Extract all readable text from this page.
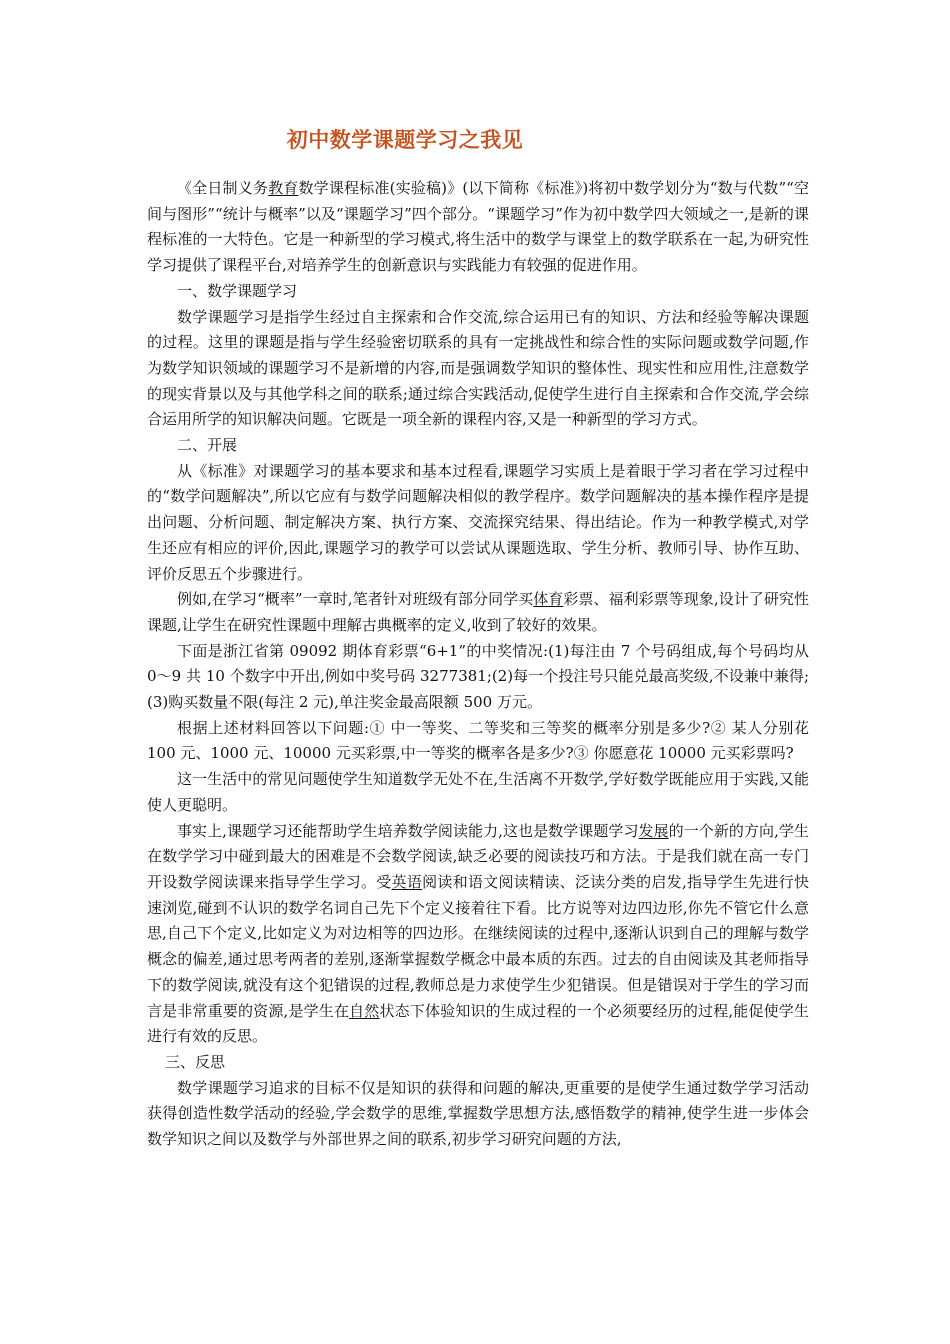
初中数学课题学习之我见

《全日制义务教育数学课程标准(实验稿)》(以下简称《标准》)将初中数学划分为“数与代数”“空间与图形”“统计与概率”以及“课题学习”四个部分。“课题学习”作为初中数学四大领域之一,是新的课程标准的一大特色。它是一种新型的学习模式,将生活中的数学与课堂上的数学联系在一起,为研究性学习提供了课程平台,对培养学生的创新意识与实践能力有较强的促进作用。

一、数学课题学习

数学课题学习是指学生经过自主探索和合作交流,综合运用已有的知识、方法和经验等解决课题的过程。这里的课题是指与学生经验密切联系的具有一定挑战性和综合性的实际问题或数学问题,作为数学知识领域的课题学习不是新增的内容,而是强调数学知识的整体性、现实性和应用性,注意数学的现实背景以及与其他学科之间的联系;通过综合实践活动,促使学生进行自主探索和合作交流,学会综合运用所学的知识解决问题。它既是一项全新的课程内容,又是一种新型的学习方式。

二、开展

从《标准》对课题学习的基本要求和基本过程看,课题学习实质上是着眼于学习者在学习过程中的“数学问题解决”,所以它应有与数学问题解决相似的教学程序。数学问题解决的基本操作程序是提出问题、分析问题、制定解决方案、执行方案、交流探究结果、得出结论。作为一种教学模式,对学生还应有相应的评价,因此,课题学习的教学可以尝试从课题选取、学生分析、教师引导、协作互助、评价反思五个步骤进行。

例如,在学习“概率”一章时,笔者针对班级有部分同学买体育彩票、福利彩票等现象,设计了研究性课题,让学生在研究性课题中理解古典概率的定义,收到了较好的效果。

下面是浙江省第 09092 期体育彩票“6+1”的中奖情况:(1)每注由 7 个号码组成,每个号码均从 0～9 共 10 个数字中开出,例如中奖号码 3277381;(2)每一个投注号只能兑最高奖级,不设兼中兼得;(3)购买数量不限(每注 2 元),单注奖金最高限额 500 万元。

根据上述材料回答以下问题:① 中一等奖、二等奖和三等奖的概率分别是多少?② 某人分别花 100 元、1000 元、10000 元买彩票,中一等奖的概率各是多少?③ 你愿意花 10000 元买彩票吗?

这一生活中的常见问题使学生知道数学无处不在,生活离不开数学,学好数学既能应用于实践,又能使人更聪明。

事实上,课题学习还能帮助学生培养数学阅读能力,这也是数学课题学习发展的一个新的方向,学生在数学学习中碰到最大的困难是不会数学阅读,缺乏必要的阅读技巧和方法。于是我们就在高一专门开设数学阅读课来指导学生学习。受英语阅读和语文阅读精读、泛读分类的启发,指导学生先进行快速浏览,碰到不认识的数学名词自己先下个定义接着往下看。比方说等对边四边形,你先不管它什么意思,自己下个定义,比如定义为对边相等的四边形。在继续阅读的过程中,逐渐认识到自己的理解与数学概念的偏差,通过思考两者的差别,逐渐掌握数学概念中最本质的东西。过去的自由阅读及其老师指导下的数学阅读,就没有这个犯错误的过程,教师总是力求使学生少犯错误。但是错误对于学生的学习而言是非常重要的资源,是学生在自然状态下体验知识的生成过程的一个必须要经历的过程,能促使学生进行有效的反思。

三、反思

数学课题学习追求的目标不仅是知识的获得和问题的解决,更重要的是使学生通过数学学习活动获得创造性数学活动的经验,学会数学的思维,掌握数学思想方法,感悟数学的精神,使学生进一步体会数学知识之间以及数学与外部世界之间的联系,初步学习研究问题的方法,
